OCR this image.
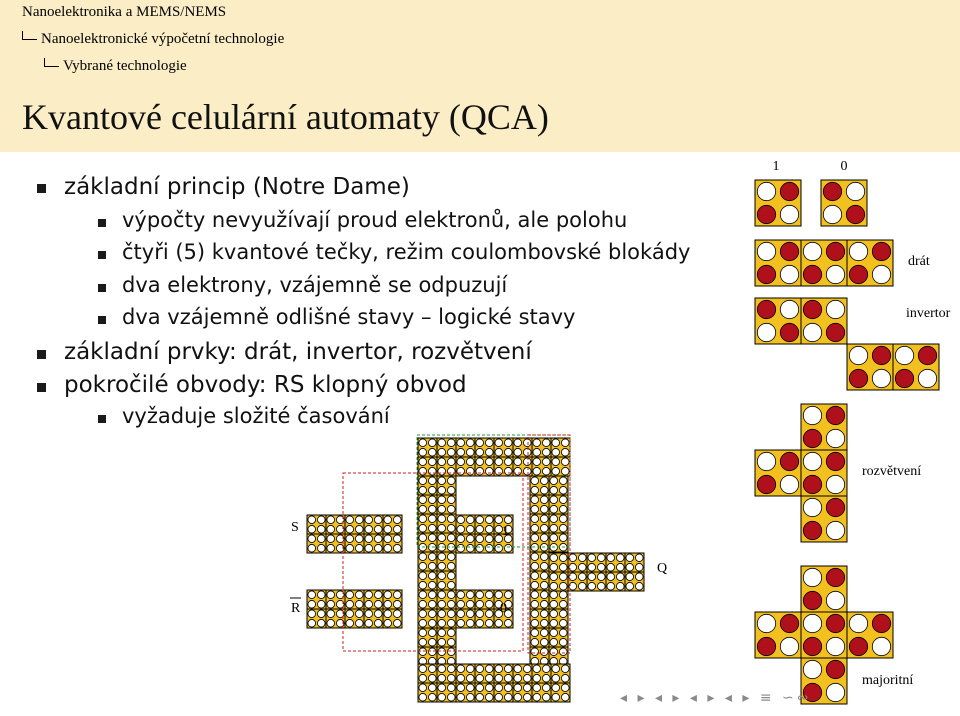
Nanoelektronika a MEMS/NEMS
Nanoelektronické výpočetní technologie
Vybrané technologie
Kvantové celulární automaty (QCA)
základní princip (Notre Dame)
výpočty nevyužívají proud elektronů, ale polohu
čtyři (5) kvantové tečky, režim coulombovské blokády
dva elektrony, vzájemně se odpuzují
dva vzájemně odlišné stavy – logické stavy
základní prvky: drát, invertor, rozvětvení
pokročilé obvody: RS klopný obvod
vyžaduje složité časování
1	0
drát
invertor
rozvětvení
majoritní
S
R
Q
1
0
◂ ▸ ◂ ▸ ◂ ▸ ◂ ▸ ≡ ∽∾
